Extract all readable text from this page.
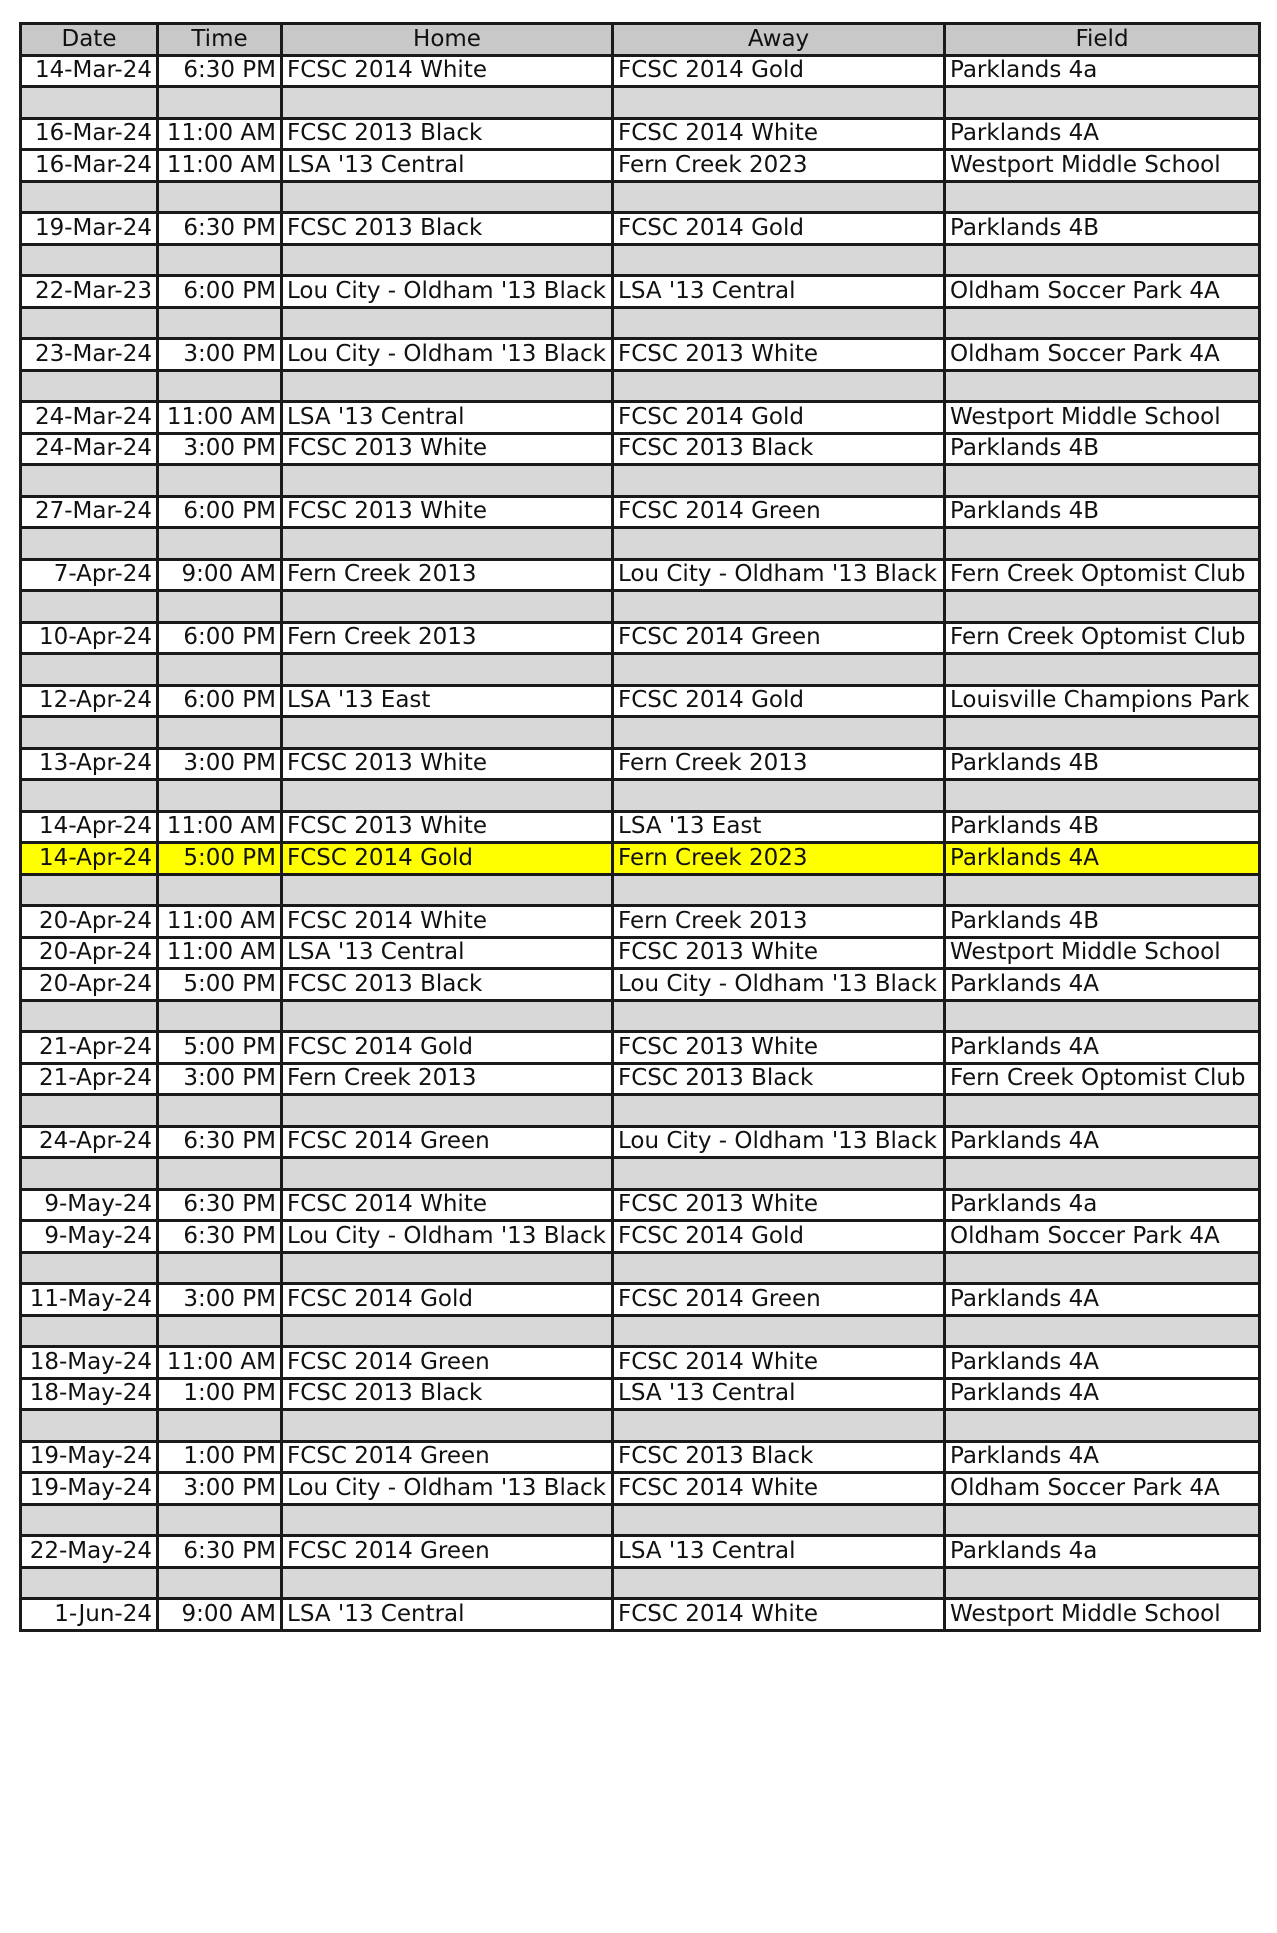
Date	Time	Home	Away	Field
14-Mar-24	6:30 PM	FCSC 2014 White	FCSC 2014 Gold	Parklands 4a

16-Mar-24	11:00 AM	FCSC 2013 Black	FCSC 2014 White	Parklands 4A
16-Mar-24	11:00 AM	LSA '13 Central	Fern Creek 2023	Westport Middle School

19-Mar-24	6:30 PM	FCSC 2013 Black	FCSC 2014 Gold	Parklands 4B

22-Mar-23	6:00 PM	Lou City - Oldham '13 Black	LSA '13 Central	Oldham Soccer Park 4A

23-Mar-24	3:00 PM	Lou City - Oldham '13 Black	FCSC 2013 White	Oldham Soccer Park 4A

24-Mar-24	11:00 AM	LSA '13 Central	FCSC 2014 Gold	Westport Middle School
24-Mar-24	3:00 PM	FCSC 2013 White	FCSC 2013 Black	Parklands 4B

27-Mar-24	6:00 PM	FCSC 2013 White	FCSC 2014 Green	Parklands 4B

7-Apr-24	9:00 AM	Fern Creek 2013	Lou City - Oldham '13 Black	Fern Creek Optomist Club

10-Apr-24	6:00 PM	Fern Creek 2013	FCSC 2014 Green	Fern Creek Optomist Club

12-Apr-24	6:00 PM	LSA '13 East	FCSC 2014 Gold	Louisville Champions Park

13-Apr-24	3:00 PM	FCSC 2013 White	Fern Creek 2013	Parklands 4B

14-Apr-24	11:00 AM	FCSC 2013 White	LSA '13 East	Parklands 4B
14-Apr-24	5:00 PM	FCSC 2014 Gold	Fern Creek 2023	Parklands 4A

20-Apr-24	11:00 AM	FCSC 2014 White	Fern Creek 2013	Parklands 4B
20-Apr-24	11:00 AM	LSA '13 Central	FCSC 2013 White	Westport Middle School
20-Apr-24	5:00 PM	FCSC 2013 Black	Lou City - Oldham '13 Black	Parklands 4A

21-Apr-24	5:00 PM	FCSC 2014 Gold	FCSC 2013 White	Parklands 4A
21-Apr-24	3:00 PM	Fern Creek 2013	FCSC 2013 Black	Fern Creek Optomist Club

24-Apr-24	6:30 PM	FCSC 2014 Green	Lou City - Oldham '13 Black	Parklands 4A

9-May-24	6:30 PM	FCSC 2014 White	FCSC 2013 White	Parklands 4a
9-May-24	6:30 PM	Lou City - Oldham '13 Black	FCSC 2014 Gold	Oldham Soccer Park 4A

11-May-24	3:00 PM	FCSC 2014 Gold	FCSC 2014 Green	Parklands 4A

18-May-24	11:00 AM	FCSC 2014 Green	FCSC 2014 White	Parklands 4A
18-May-24	1:00 PM	FCSC 2013 Black	LSA '13 Central	Parklands 4A

19-May-24	1:00 PM	FCSC 2014 Green	FCSC 2013 Black	Parklands 4A
19-May-24	3:00 PM	Lou City - Oldham '13 Black	FCSC 2014 White	Oldham Soccer Park 4A

22-May-24	6:30 PM	FCSC 2014 Green	LSA '13 Central	Parklands 4a

1-Jun-24	9:00 AM	LSA '13 Central	FCSC 2014 White	Westport Middle School
